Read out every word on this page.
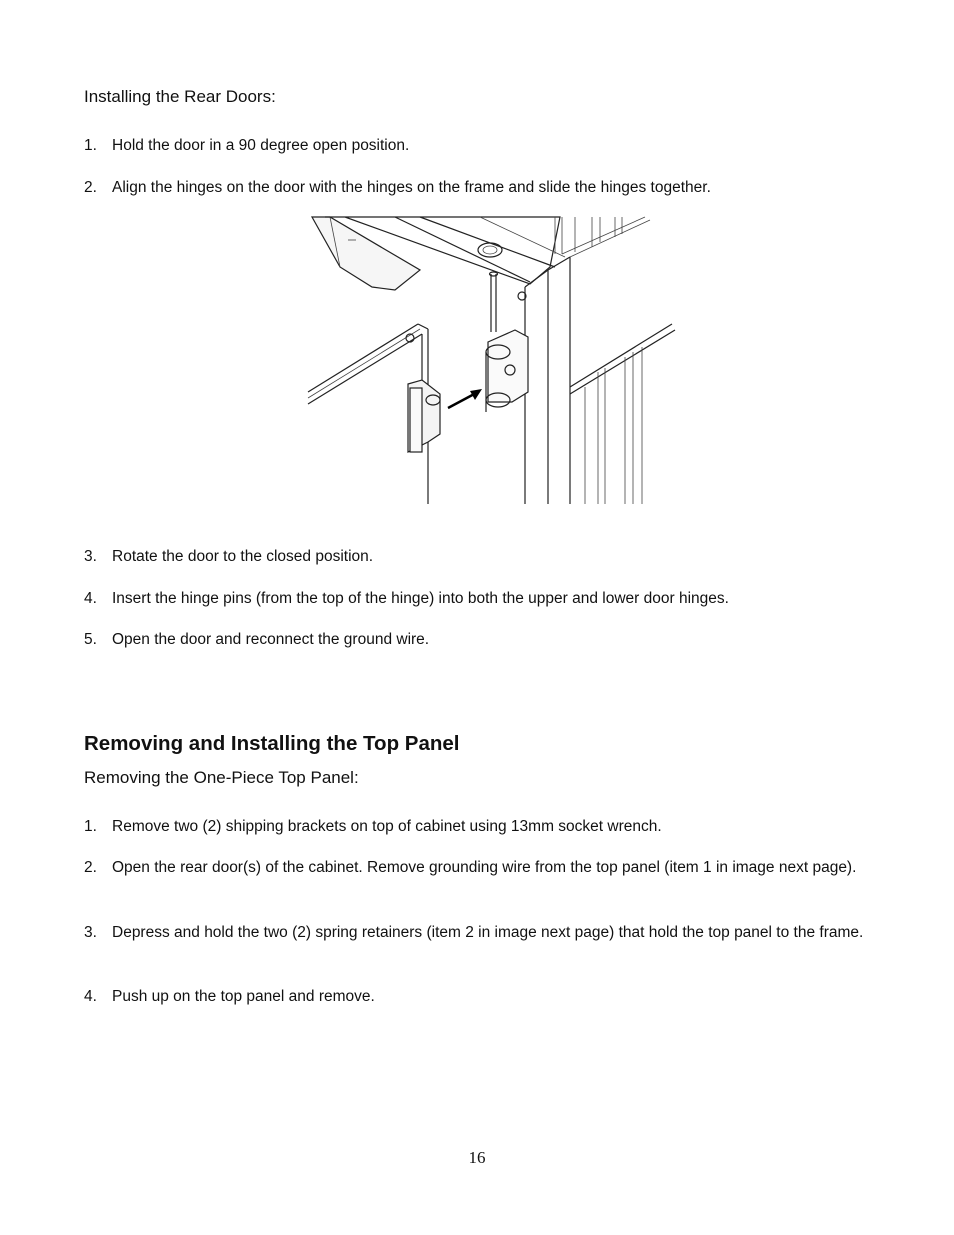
Installing the Rear Doors:
1. Hold the door in a 90 degree open position.
2. Align the hinges on the door with the hinges on the frame and slide the hinges together.
3. Rotate the door to the closed position.
4. Insert the hinge pins (from the top of the hinge) into both the upper and lower door hinges.
5. Open the door and reconnect the ground wire.
Removing and Installing the Top Panel
Removing the One-Piece Top Panel:
1. Remove two (2) shipping brackets on top of cabinet using 13mm socket wrench.
2. Open the rear door(s) of the cabinet. Remove grounding wire from the top panel (item 1 in image next page).
3. Depress and hold the two (2) spring retainers (item 2 in image next page) that hold the top panel to the frame.
4. Push up on the top panel and remove.
16
